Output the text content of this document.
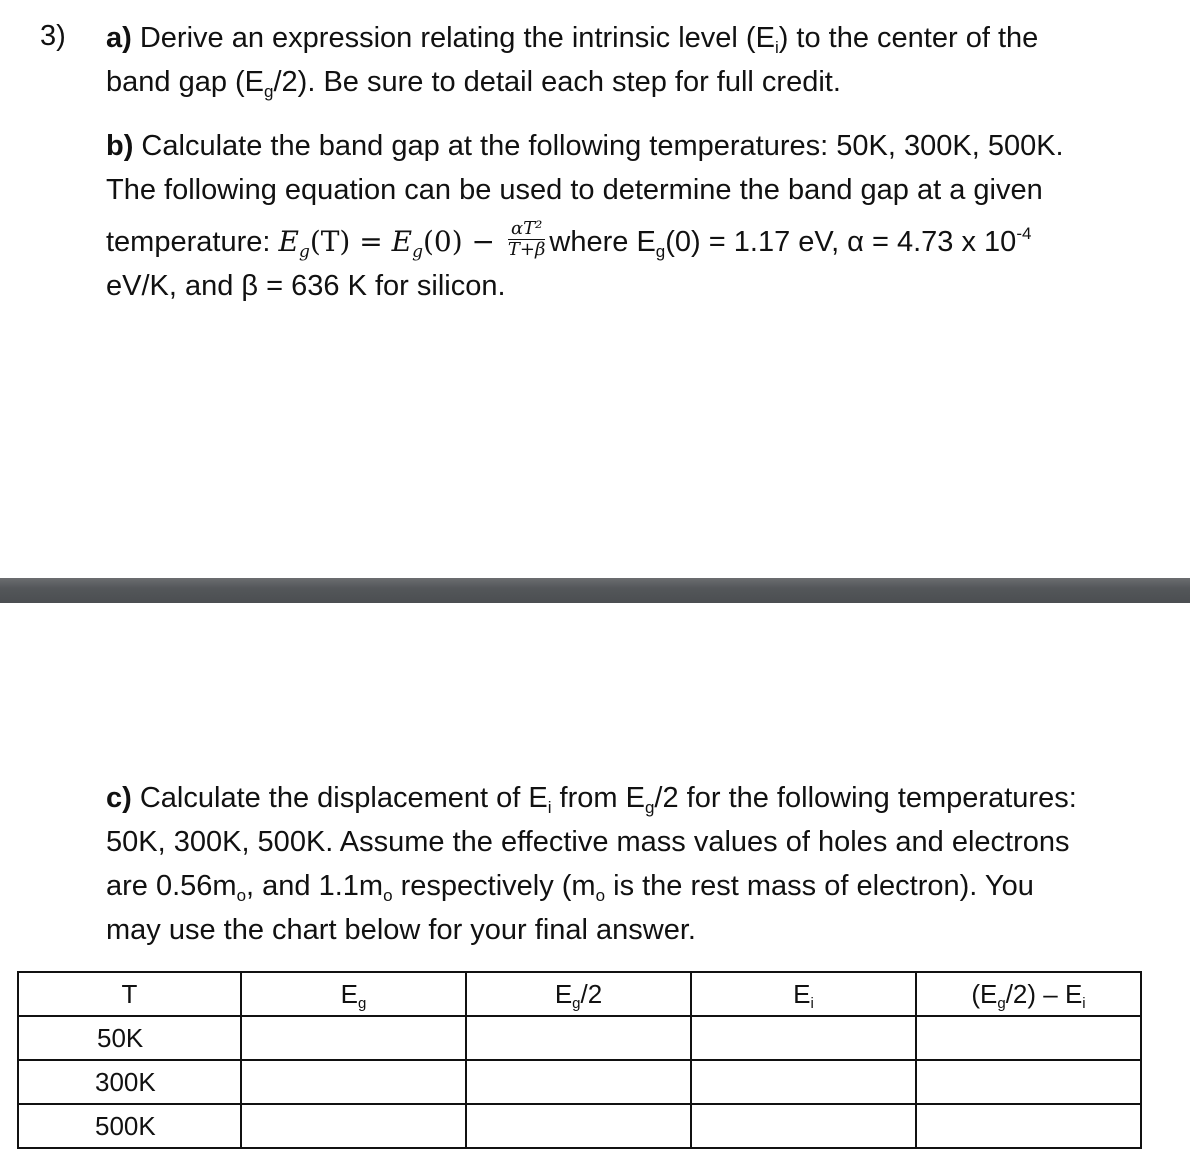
3) a) Derive an expression relating the intrinsic level $(E_i)$ to the center of the
band gap $(E_g/2)$. Be sure to detail each step for full credit.
b) Calculate the band gap at the following temperatures: 50K, 300K, 500K.
The following equation can be used to determine the band gap at a given
temperature: $E_g(T) = E_g(0) - \frac{\text{αT²}}{T+\beta}$ where $E_g(0) = 1.17$ eV, α = 4.73 x $10^{-4}$
eV/K, and β = 636 K for silicon.
c) Calculate the displacement of $E_i$ from $E_g/2$ for the following temperatures:
50K, 300K, 500K. Assume the effective mass values of holes and electrons
are $0.56m_o$, and $1.1m_o$ respectively ($m_o$ is the rest mass of electron). You
may use the chart below for your final answer.
T	$E_g$	$E_g/2$	$E_i$	$(E_g/2) - E_i$
50K				
300K				
500K				
